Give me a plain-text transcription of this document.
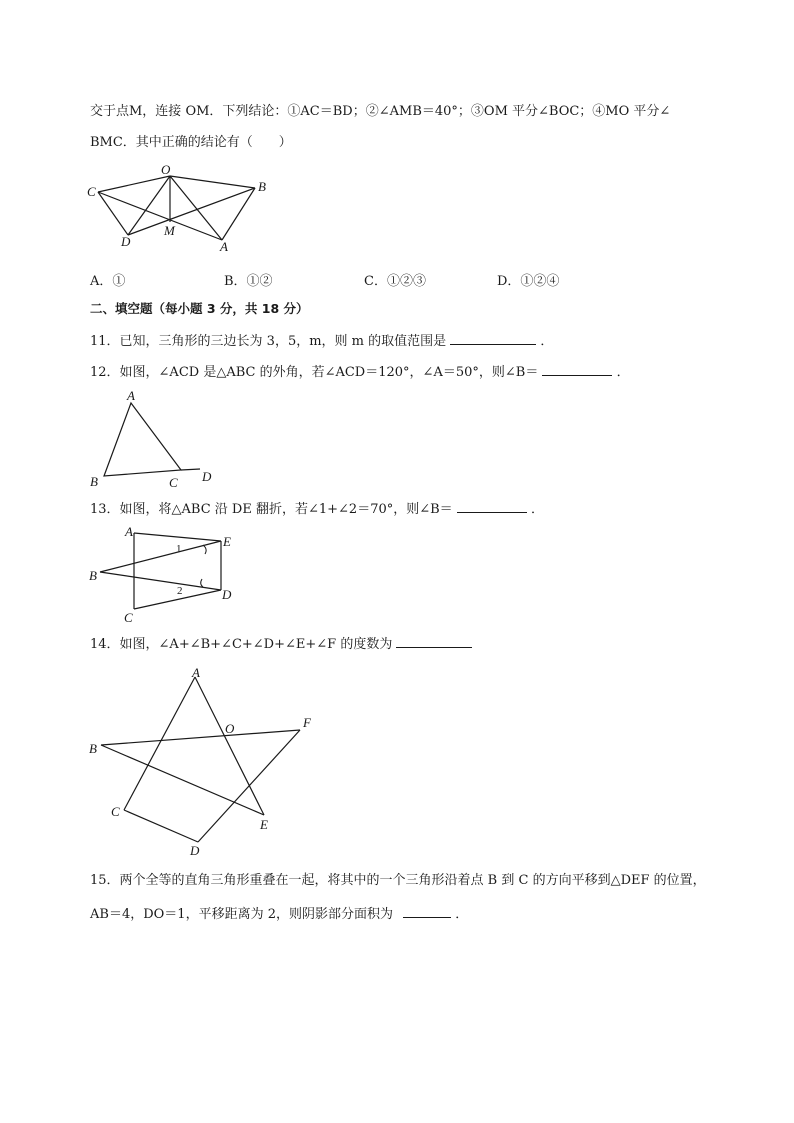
交于点M，连接 OM．下列结论：①AC＝BD；②∠AMB＝40°；③OM 平分∠BOC；④MO 平分∠
BMC．其中正确的结论有（　　）
O
C	B
D
M
A
A．①	B．①②	C．①②③	D．①②④
二、填空题（每小题 3 分，共 18 分）
11．已知，三角形的三边长为 3，5，m，则 m 的取值范围是	．
12．如图，∠ACD 是△ABC 的外角，若∠ACD＝120°，∠A＝50°，则∠B＝	．
A
B	C D
13．如图，将△ABC 沿 DE 翻折，若∠1+∠2＝70°，则∠B＝	．
A
E
B
C
D
1
2
14．如图，∠A+∠B+∠C+∠D+∠E+∠F 的度数为
A
O	F
B
C
E
D
15．两个全等的直角三角形重叠在一起，将其中的一个三角形沿着点 B 到 C 的方向平移到△DEF 的位置，
AB＝4，DO＝1，平移距离为 2，则阴影部分面积为	．
